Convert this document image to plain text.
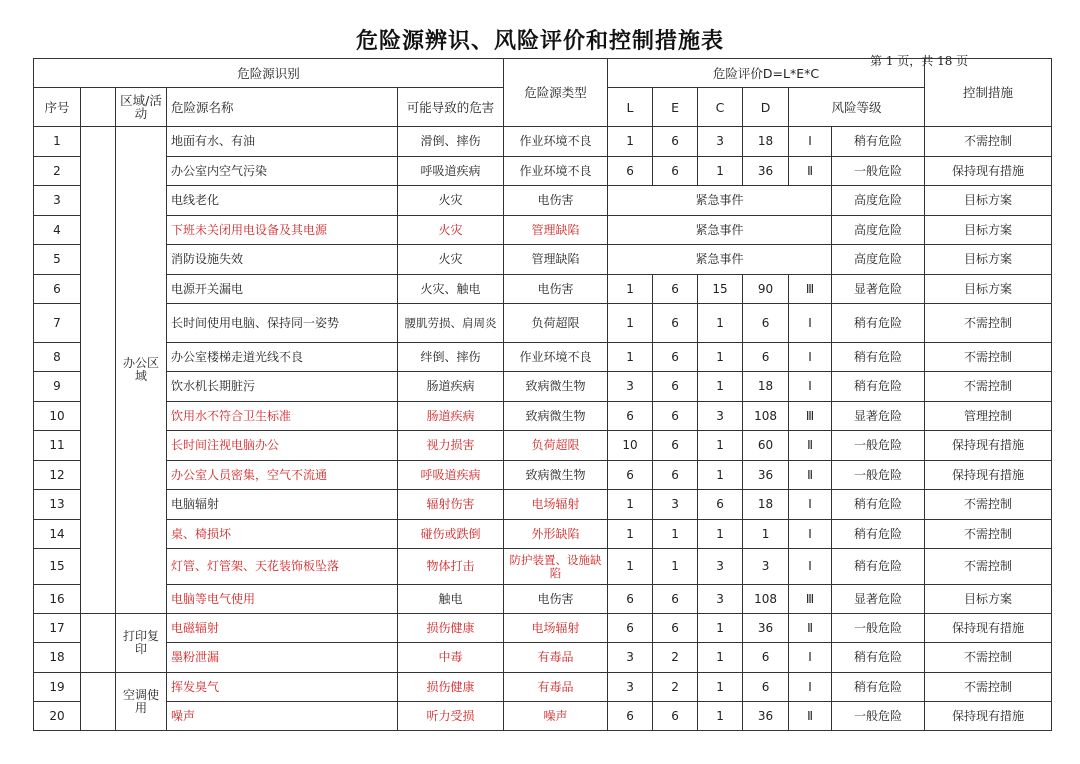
危险源辨识、风险评价和控制措施表
第 1 页，共 18 页
危险源识别					危险源类型	危险评价D=L*E*C						控制措施
序号		区域/活动	危险源名称	可能导致的危害		L	E	C	D	风险等级		
1		办公区域	地面有水、有油	滑倒、摔伤	作业环境不良	1	6	3	18	Ⅰ	稍有危险	不需控制
2			办公室内空气污染	呼吸道疾病	作业环境不良	6	6	1	36	Ⅱ	一般危险	保持现有措施
3			电线老化	火灾	电伤害	紧急事件					高度危险	目标方案
4			下班未关闭用电设备及其电源	火灾	管理缺陷	紧急事件					高度危险	目标方案
5			消防设施失效	火灾	管理缺陷	紧急事件					高度危险	目标方案
6			电源开关漏电	火灾、触电	电伤害	1	6	15	90	Ⅲ	显著危险	目标方案
7			长时间使用电脑、保持同一姿势	腰肌劳损、肩周炎	负荷超限	1	6	1	6	Ⅰ	稍有危险	不需控制
8			办公室楼梯走道光线不良	绊倒、摔伤	作业环境不良	1	6	1	6	Ⅰ	稍有危险	不需控制
9			饮水机长期脏污	肠道疾病	致病微生物	3	6	1	18	Ⅰ	稍有危险	不需控制
10			饮用水不符合卫生标准	肠道疾病	致病微生物	6	6	3	108	Ⅲ	显著危险	管理控制
11			长时间注视电脑办公	视力损害	负荷超限	10	6	1	60	Ⅱ	一般危险	保持现有措施
12			办公室人员密集，空气不流通	呼吸道疾病	致病微生物	6	6	1	36	Ⅱ	一般危险	保持现有措施
13			电脑辐射	辐射伤害	电场辐射	1	3	6	18	Ⅰ	稍有危险	不需控制
14			桌、椅损坏	碰伤或跌倒	外形缺陷	1	1	1	1	Ⅰ	稍有危险	不需控制
15			灯管、灯管架、天花装饰板坠落	物体打击	防护装置、设施缺陷	1	1	3	3	Ⅰ	稍有危险	不需控制
16			电脑等电气使用	触电	电伤害	6	6	3	108	Ⅲ	显著危险	目标方案
17		打印复印	电磁辐射	损伤健康	电场辐射	6	6	1	36	Ⅱ	一般危险	保持现有措施
18			墨粉泄漏	中毒	有毒品	3	2	1	6	Ⅰ	稍有危险	不需控制
19		空调使用	挥发臭气	损伤健康	有毒品	3	2	1	6	Ⅰ	稍有危险	不需控制
20			噪声	听力受损	噪声	6	6	1	36	Ⅱ	一般危险	保持现有措施
